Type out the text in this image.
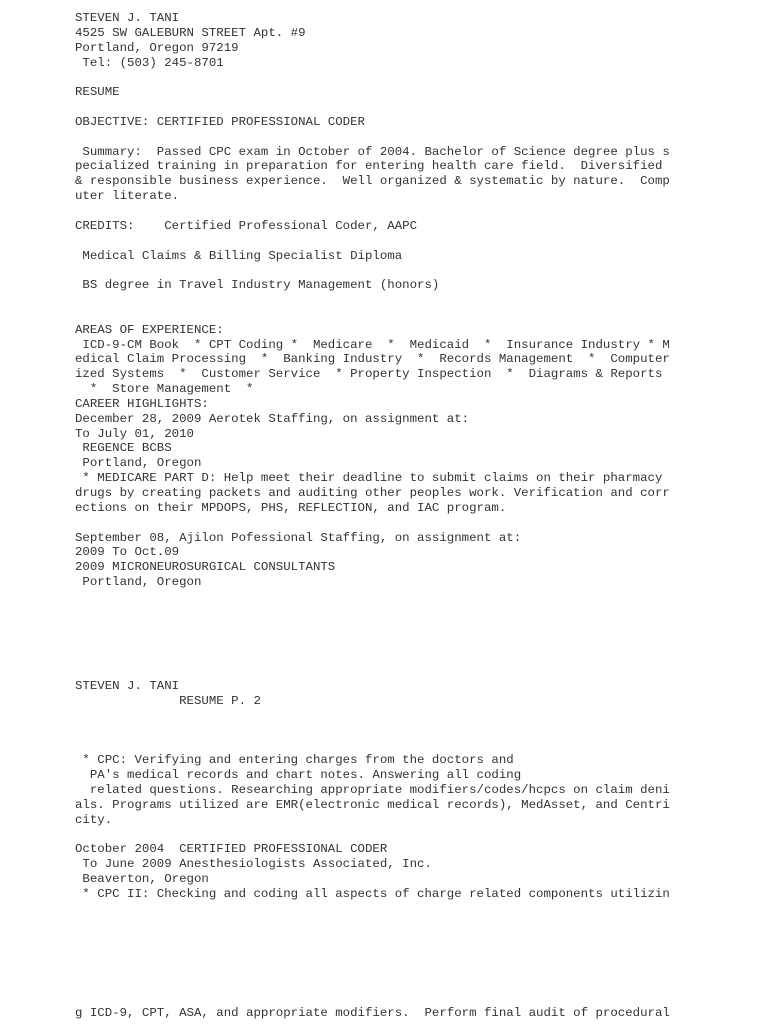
STEVEN J. TANI
4525 SW GALEBURN STREET Apt. #9
Portland, Oregon 97219
Tel: (503) 245-8701
RESUME
OBJECTIVE: CERTIFIED PROFESSIONAL CODER
Summary:  Passed CPC exam in October of 2004. Bachelor of Science degree plus s
pecialized training in preparation for entering health care field.  Diversified
& responsible business experience.  Well organized & systematic by nature.  Comp
uter literate.
CREDITS:    Certified Professional Coder, AAPC
Medical Claims & Billing Specialist Diploma
BS degree in Travel Industry Management (honors)
AREAS OF EXPERIENCE:
ICD-9-CM Book  * CPT Coding *  Medicare  *  Medicaid  *  Insurance Industry * M
edical Claim Processing  *  Banking Industry  *  Records Management  *  Computer
ized Systems  *  Customer Service  * Property Inspection  *  Diagrams & Reports
*  Store Management  *
CAREER HIGHLIGHTS:
December 28, 2009 Aerotek Staffing, on assignment at:
To July 01, 2010
REGENCE BCBS
Portland, Oregon
* MEDICARE PART D: Help meet their deadline to submit claims on their pharmacy
drugs by creating packets and auditing other peoples work. Verification and corr
ections on their MPDOPS, PHS, REFLECTION, and IAC program.
September 08, Ajilon Pofessional Staffing, on assignment at:
2009 To Oct.09
2009 MICRONEUROSURGICAL CONSULTANTS
Portland, Oregon
STEVEN J. TANI
RESUME P. 2
* CPC: Verifying and entering charges from the doctors and
PA's medical records and chart notes. Answering all coding
related questions. Researching appropriate modifiers/codes/hcpcs on claim deni
als. Programs utilized are EMR(electronic medical records), MedAsset, and Centri
city.
October 2004  CERTIFIED PROFESSIONAL CODER
To June 2009 Anesthesiologists Associated, Inc.
Beaverton, Oregon
* CPC II: Checking and coding all aspects of charge related components utilizin
g ICD-9, CPT, ASA, and appropriate modifiers.  Perform final audit of procedural
